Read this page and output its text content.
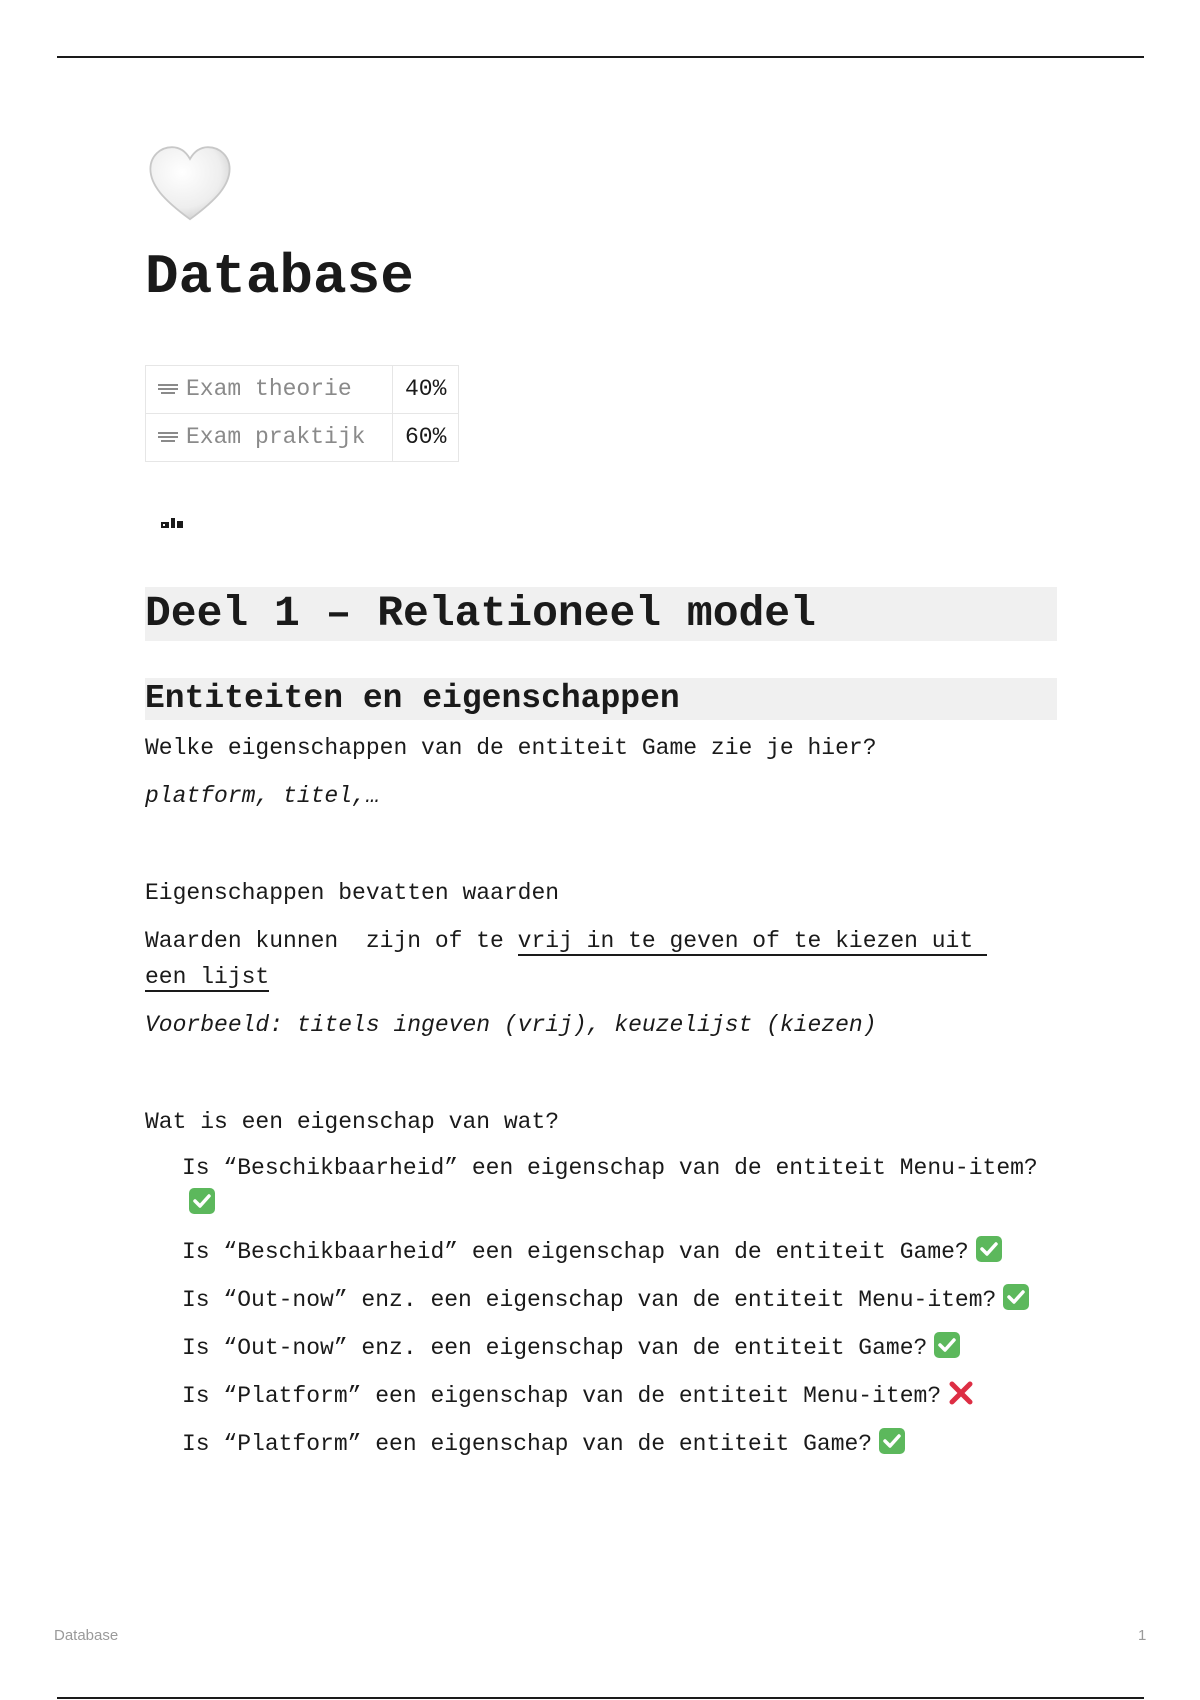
Database
Exam theorie	40%
Exam praktijk	60%
Deel 1 – Relationeel model
Entiteiten en eigenschappen

Welke eigenschappen van de entiteit Game zie je hier?

platform, titel,…

Eigenschappen bevatten waarden

Waarden kunnen  zijn of te vrij in te geven of te kiezen uit
een lijst

Voorbeeld: titels ingeven (vrij), keuzelijst (kiezen)

Wat is een eigenschap van wat?

Is “Beschikbaarheid” een eigenschap van de entiteit Menu-item?
Is “Beschikbaarheid” een eigenschap van de entiteit Game?
Is “Out-now” enz. een eigenschap van de entiteit Menu-item?
Is “Out-now” enz. een eigenschap van de entiteit Game?
Is “Platform” een eigenschap van de entiteit Menu-item?
Is “Platform” een eigenschap van de entiteit Game?
Database	1
